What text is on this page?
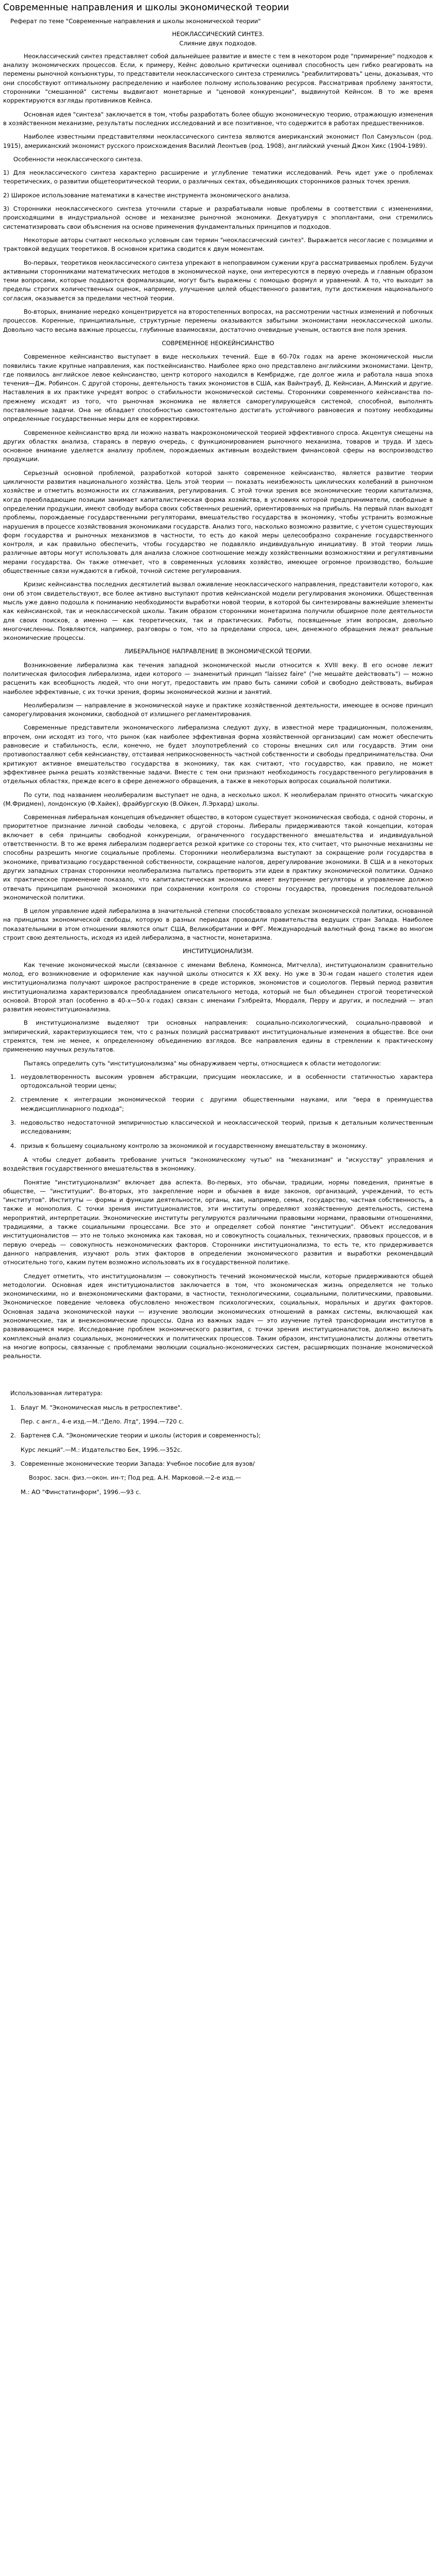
Современные направления и школы экономической теории

Реферат по теме "Современные направления и школы экономической теории"

НЕОКЛАССИЧЕСКИЙ СИНТЕЗ.

Слияние двух подходов.

Неоклассический синтез представляет собой дальнейшее развитие и вместе с тем в некотором роде "примирение" подходов к анализу экономических процессов. Если, к примеру, Кейнс довольно критически оценивал способность цен гибко реагировать на перемены рыночной конъюнктуры, то представители неоклассического синтеза стремились "реабилитировать" цены, доказывая, что они способствуют оптимальному распределению и наиболее полному использованию ресурсов. Рассматривая проблему занятости, сторонники "смешанной" системы выдвигают монетарные и "ценовой конкуренции", выдвинутой Кейнсом. В то же время корректируются взгляды противников Кейнса.

Основная идея "синтеза" заключается в том, чтобы разработать более общую экономическую теорию, отражающую изменения в хозяйственном механизме, результаты последних исследований и все позитивное, что содержится в работах предшественников.

Наиболее известными представителями неоклассического синтеза являются американский экономист Пол Самуэльсон (род. 1915), американский экономист русского происхождения Василий Леонтьев (род. 1908), английский ученый Джон Хикс (1904-1989).

Особенности неоклассического синтеза.

1) Для неоклассического синтеза характерно расширение и углубление тематики исследований. Речь идет уже о проблемах теоретических, о развитии общетеоритической теории, о различных сектах, объединяющих сторонников разных точек зрения.

2) Широкое использование математики в качестве инструмента экономического анализа.

3) Сторонники неоклассического синтеза уточнили старые и разрабатывали новые проблемы в соответствии с изменениями, происходящими в индустриальной основе и механизме рыночной экономики. Декуатуируя с эпоплантами, они стремились систематизировать свои объяснения на основе применения фундаментальных принципов и подходов.

Некоторые авторы считают несколько условным сам термин "неоклассический синтез". Выражается несогласие с позициями и трактовкой ведущих теоретиков. В основном критика сводится к двум моментам.

Во-первых, теоретиков неоклассического синтеза упрекают в непоправимом сужении круга рассматриваемых проблем. Будучи активными сторонниками математических методов в экономической науке, они интересуются в первую очередь и главным образом теми вопросами, которые поддаются формализации, могут быть выражены с помощью формул и уравнений. А то, что выходит за пределы строгих количественных оценок, например, улучшение целей общественного развития, пути достижения национального согласия, оказывается за пределами честной теории.

Во-вторых, внимание нередко концентрируется на второстепенных вопросах, на рассмотрении частных изменений и побочных процессов. Коренные, принципиальные, структурные перемены оказываются забытыми экономистами неоклассической школы. Довольно часто весьма важные процессы, глубинные взаимосвязи, достаточно очевидные ученым, остаются вне поля зрения.

СОВРЕМЕННОЕ НЕОКЕЙНСИАНСТВО

Современное кейнсианство выступает в виде нескольких течений. Еще в 60-70х годах на арене экономической мысли появились такие крупные направления, как посткейнсианство. Наиболее ярко оно представлено английскими экономистами. Центр, где появилось английское левое кейнсианство, центр которого находился в Кембридже, где долгое жила и работала наша эпоха течения—Дж. Робинсон. С другой стороны, деятельность таких экономистов в США, как Вайнтрауб, Д. Кейнсиан, А.Минский и другие. Наставления в их практике учредят вопрос о стабильности экономической системы. Сторонники современного кейнсианства по-прежнему исходят из того, что рыночная экономика не является саморегулирующейся системой, способной, выполнять поставленные задачи. Она не обладает способностью самостоятельно достигать устойчивого равновесия и поэтому необходимы определенные государственные меры для ее корректировки.

Современное кейнсианство вряд ли можно назвать макроэкономической теорией эффективного спроса. Акцентуя смещены на других областях анализа, стараясь в первую очередь, с функционированием рыночного механизма, товаров и труда. И здесь основное внимание уделяется анализу проблем, порождаемых активным воздействием финансовой сферы на воспроизводство продукции.

Серьезный основной проблемой, разработкой которой занято современное кейнсианство, является развитие теории цикличности развития национального хозяйства. Цель этой теории — показать неизбежность циклических колебаний в рыночном хозяйстве и отметить возможности их сглаживания, регулирования. С этой точки зрения все экономические теории капитализма, когда преобладающие позиции занимает капиталистическая форма хозяйства, в условиях которой предприниматели, свободные в определении продукции, имеют свободу выбора своих собственных решений, ориентированных на прибыль. На первый план выходят проблемы, порождаемые государственными регуляторами, вмешательство государства в экономику, чтобы устранить возможные нарушения в процессе хозяйствования экономиками государств. Анализ того, насколько возможно развитие, с учетом существующих форм государства и рыночных механизмов в частности, то есть до какой меры целесообразно сохранение государственного контроля, и как правильно обеспечить, чтобы государство не подавляло индивидуальную инициативу. В этой теории лишь различные авторы могут использовать для анализа сложное соотношение между хозяйственными возможностями и регулятивными мерами государства. Он также отмечает, что в современных условиях хозяйство, имеющее огромное производство, большие общественные связи нуждаются в гибкой, точной системе регулирования.

Кризис кейнсианства последних десятилетий вызвал оживление неоклассического направления, представители которого, как они об этом свидетельствуют, все более активно выступают против кейнсианской модели регулирования экономики. Общественная мысль уже давно подошла к пониманию необходимости выработки новой теории, в которой бы синтезированы важнейшие элементы как кейнсианской, так и неоклассической школы. Таким образом сторонники монетаризма получили обширное поле деятельности для своих поисков, а именно — как теоретических, так и практических. Работы, посвященные этим вопросам, довольно многочисленны. Появляются, например, разговоры о том, что за пределами спроса, цен, денежного обращения лежат реальные экономические процессы.

ЛИБЕРАЛЬНОЕ НАПРАВЛЕНИЕ В ЭКОНОМИЧЕСКОЙ ТЕОРИИ.

Возникновение либерализма как течения западной экономической мысли относится к XVIII веку. В его основе лежит политическая философия либерализма, идеи которого — знаменитый принцип "laissez faire" ("не мешайте действовать") — можно расценить как всеобщность людей, что они могут, предоставить им право быть самими собой и свободно действовать, выбирая наиболее эффективные, с их точки зрения, формы экономической жизни и занятий.

Неолиберализм — направление в экономической науке и практике хозяйственной деятельности, имеющее в основе принцип саморегулирования экономики, свободной от излишнего регламентирования.

Современные представители экономического либерализма следуют духу, в известной мере традиционным, положениям, впрочем, они исходят из того, что рынок (как наиболее эффективная форма хозяйственной организации) сам может обеспечить равновесие и стабильность, если, конечно, не будет злоупотреблений со стороны внешних сил или государств. Этим они противопоставляют себя кейнсианству, отстаивая неприкосновенность частной собственности и свободы предпринимательства. Они критикуют активное вмешательство государства в экономику, так как считают, что государство, как правило, не может эффективнее рынка решать хозяйственные задачи. Вместе с тем они признают необходимость государственного регулирования в отдельных областях, прежде всего в сфере денежного обращения, а также в некоторых вопросах социальной политики.

По сути, под названием неолиберализм выступает не одна, а несколько школ. К неолибералам принято относить чикагскую (М.Фридмен), лондонскую (Ф.Хайек), фрайбургскую (В.Ойкен, Л.Эрхард) школы.

Современная либеральная концепция объединяет общество, в котором существует экономическая свобода, с одной стороны, и приоритетное признание личной свободы человека, с другой стороны. Либералы придерживаются такой концепции, которая включает в себя принципы свободной конкуренции, ограниченного государственного вмешательства и индивидуальной ответственности. В то же время либерализм подвергается резкой критике со стороны тех, кто считает, что рыночные механизмы не способны разрешить многие социальные проблемы. Сторонники неолиберализма выступают за сокращение роли государства в экономике, приватизацию государственной собственности, сокращение налогов, дерегулирование экономики. В США и в некоторых других западных странах сторонники неолиберализма пытались претворить эти идеи в практику экономической политики. Однако их практическое применение показало, что капиталистическая экономика имеет внутренние регуляторы и управление должно отвечать принципам рыночной экономики при сохранении контроля со стороны государства, проведения последовательной экономической политики.

В целом управление идей либерализма в значительной степени способствовало успехам экономической политики, основанной на принципах экономической свободы, которую в разных периодах проводили правительства ведущих стран Запада. Наиболее показательными в этом отношении являются опыт США, Великобритании и ФРГ. Международный валютный фонд также во многом строит свою деятельность, исходя из идей либерализма, в частности, монетаризма.

ИНСТИТУЦИОНАЛИЗМ.

Как течение экономической мысли (связанное с именами Веблена, Коммонса, Митчелла), институционализм сравнительно молод, его возникновение и оформление как научной школы относится к XX веку. Но уже в 30-м годам нашего столетия идеи институционализма получают широкое распространение в среде историков, экономистов и социологов. Первый период развития институционализма характеризовался преобладанием описательного метода, который не был объединен строгой теоретической основой. Второй этап (особенно в 40-х—50-х годах) связан с именами Гэлбрейта, Мюрдаля, Перру и других, и последний — этап развития неоинституционализма.

В институционализме выделяют три основных направления: социально-психологический, социально-правовой и эмпирический, характеризующиеся тем, что с разных позиций рассматривают институциональные изменения в обществе. Все они стремятся, тем не менее, к определенному объединению взглядов. Все направления едины в стремлении к практическому применению научных результатов.

Пытаясь определить суть "институционализма" мы обнаруживаем черты, относящиеся к области методологии:

1. неудовлетворенность высоким уровнем абстракции, присущим неоклассике, и в особенности статичностью характера ортодоксальной теории цены;
2. стремление к интеграции экономической теории с другими общественными науками, или "вера в преимущества междисциплинарного подхода";
3. недовольство недостаточной эмпиричностью классической и неоклассической теорий, призыв к детальным количественным исследованиям;
4. призыв к большему социальному контролю за экономикой и государственному вмешательству в экономику.

А чтобы следует добавить требование учиться "экономическому чутью" на "механизмам" и "искусству" управления и воздействия государственного вмешательства в экономику.

Понятие "институционализм" включает два аспекта. Во-первых, это обычаи, традиции, нормы поведения, принятые в обществе, — "институции". Во-вторых, это закрепление норм и обычаев в виде законов, организаций, учреждений, то есть "институтов". Институты — формы и функции деятельности, органы, как, например, семья, государство, частная собственность, а также и монополия. С точки зрения институционалистов, эти институты определяют хозяйственную деятельность, система мероприятий, интерпретации. Экономические институты регулируются различными правовыми нормами, правовыми отношениями, традициями, а также социальными процессами. Все это и определяет собой понятие "институции". Объект исследования институционалистов — это не только экономика как таковая, но и совокупность социальных, технических, правовых процессов, и в первую очередь — совокупность неэкономических факторов. Сторонники институционализма, то есть те, кто придерживается данного направления, изучают роль этих факторов в определении экономического развития и выработки рекомендаций относительно того, каким путем возможно использовать их в государственной политике.

Следует отметить, что институционализм — совокупность течений экономической мысли, которые придерживаются общей методологии. Основная идея институционалистов заключается в том, что экономическая жизнь определяется не только экономическими, но и внеэкономическими факторами, в частности, технологическими, социальными, политическими, правовыми. Экономическое поведение человека обусловлено множеством психологических, социальных, моральных и других факторов. Основная задача экономической науки — изучение эволюции экономических отношений в рамках системы, включающей как экономические, так и внеэкономические процессы. Одна из важных задач — это изучение путей трансформации институтов в развивающемся мире. Исследование проблем экономического развития, с точки зрения институционалистов, должно включать комплексный анализ социальных, экономических и политических процессов. Таким образом, институционалисты должны ответить на многие вопросы, связанные с проблемами эволюции социально-экономических систем, расширяющих познание экономической реальности.

Использованная литература:

1. Блауг М. "Экономическая мысль в ретроспективе".

Пер. с англ., 4-е изд.—М.:"Дело. Лтд", 1994.—720 с.

2. Бартенев С.А. "Экономические теории и школы (история и современность);

Курс лекций".—М.: Издательство Бек, 1996.—352с.

3. Современные экономические теории Запада: Учебное пособие для вузов/

Возрос. засн. физ.—окон. ин-т; Под ред. А.Н. Марковой.—2-е изд.—

М.: АО "Финстатинформ", 1996.—93 с.
